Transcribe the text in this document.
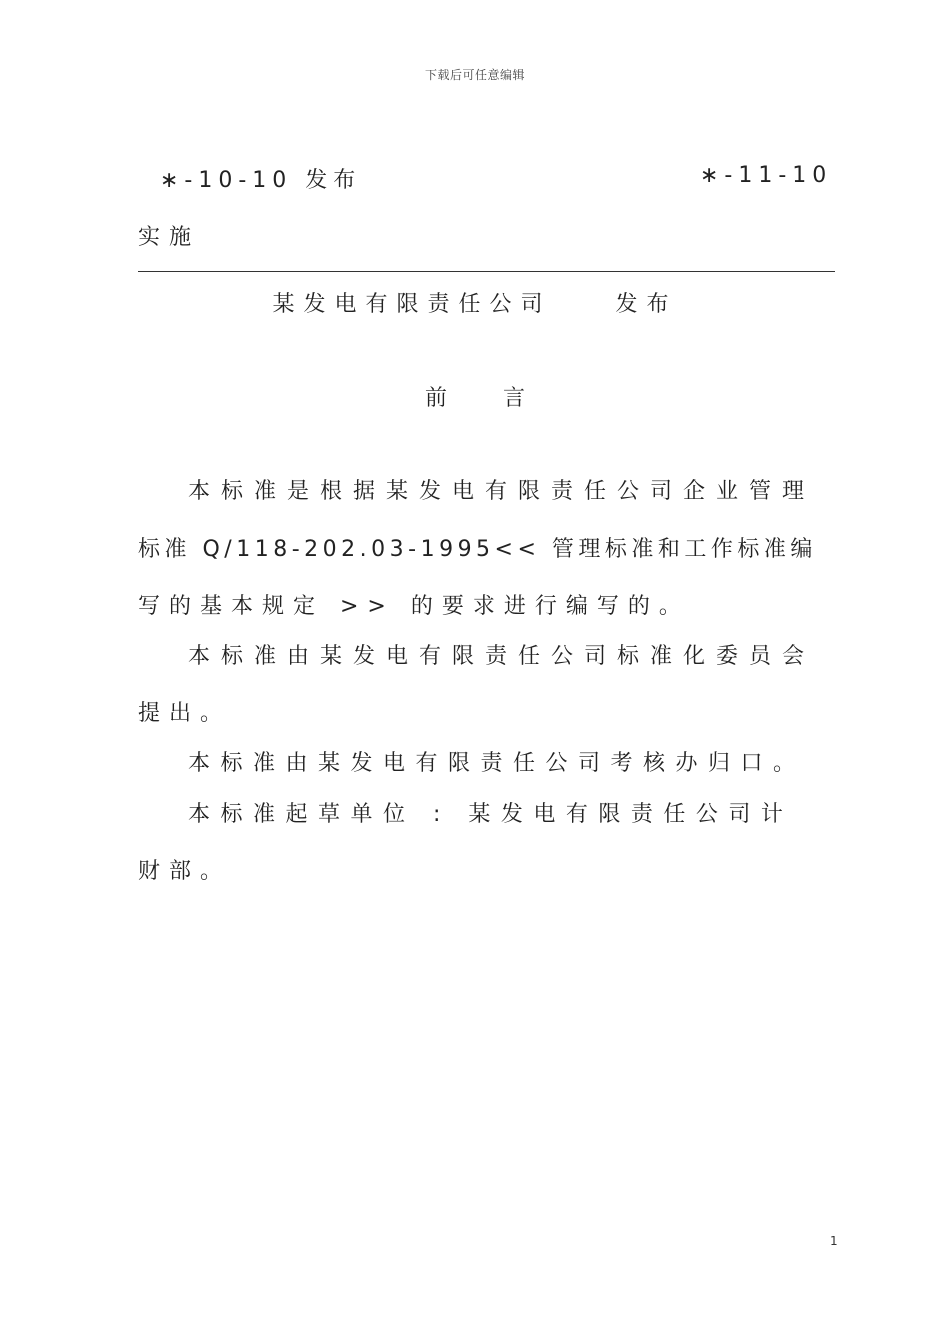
下载后可任意编辑
∗-10-10 发布	∗-11-10
实施
某发电有限责任公司    发布
前        言
本标准是根据某发电有限责任公司企业管理
标准 Q/118-202.03-1995<< 管理标准和工作标准编
写的基本规定 >> 的要求进行编写的。
本标准由某发电有限责任公司标准化委员会
提出。
本标准由某发电有限责任公司考核办归口。
本标准起草单位 : 某发电有限责任公司计
财部。
1
